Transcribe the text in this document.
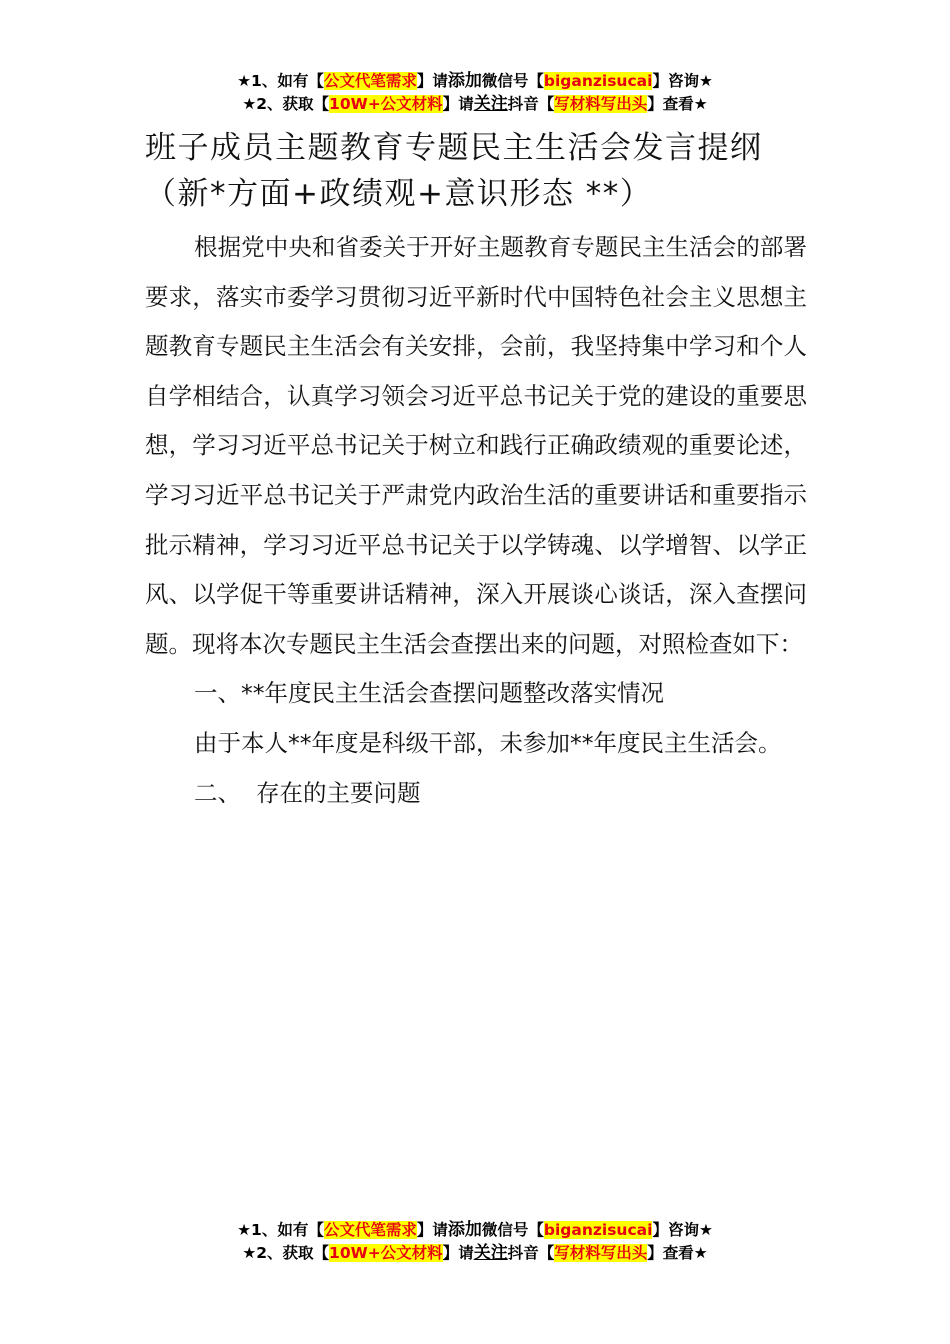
★1、如有【公文代笔需求】请添加微信号【biganzisucai】咨询★
★2、获取【10W+公文材料】请关注抖音【写材料写出头】查看★
班子成员主题教育专题民主生活会发言提纲（新*方面+政绩观+意识形态 **）

根据党中央和省委关于开好主题教育专题民主生活会的部署要求，落实市委学习贯彻习近平新时代中国特色社会主义思想主题教育专题民主生活会有关安排，会前，我坚持集中学习和个人自学相结合，认真学习领会习近平总书记关于党的建设的重要思想，学习习近平总书记关于树立和践行正确政绩观的重要论述，学习习近平总书记关于严肃党内政治生活的重要讲话和重要指示批示精神，学习习近平总书记关于以学铸魂、以学增智、以学正风、以学促干等重要讲话精神，深入开展谈心谈话，深入查摆问题。现将本次专题民主生活会查摆出来的问题，对照检查如下：

一、**年度民主生活会查摆问题整改落实情况

由于本人**年度是科级干部，未参加**年度民主生活会。

二、  存在的主要问题

★1、如有【公文代笔需求】请添加微信号【biganzisucai】咨询★
★2、获取【10W+公文材料】请关注抖音【写材料写出头】查看★
